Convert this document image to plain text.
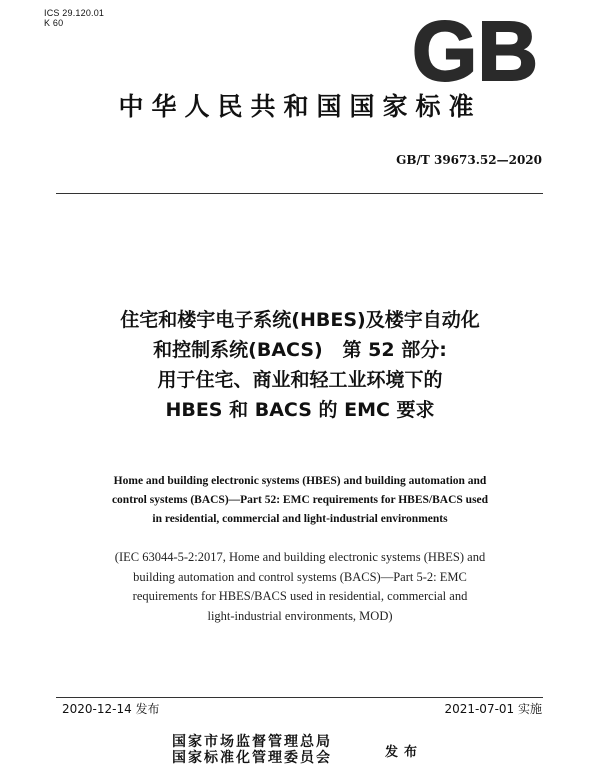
ICS 29.120.01
K 60	GB
中华人民共和国国家标准
GB/T 39673.52—2020
住宅和楼宇电子系统(HBES)及楼宇自动化
和控制系统(BACS)   第 52 部分:
用于住宅、商业和轻工业环境下的
HBES 和 BACS 的 EMC 要求
Home and building electronic systems (HBES) and building automation and
control systems (BACS)—Part 52: EMC requirements for HBES/BACS used
in residential, commercial and light-industrial environments
(IEC 63044-5-2:2017, Home and building electronic systems (HBES) and
building automation and control systems (BACS)—Part 5-2: EMC
requirements for HBES/BACS used in residential, commercial and
light-industrial environments, MOD)
2020-12-14 发布	2021-07-01 实施
国家市场监督管理总局
国家标准化管理委员会	发布
